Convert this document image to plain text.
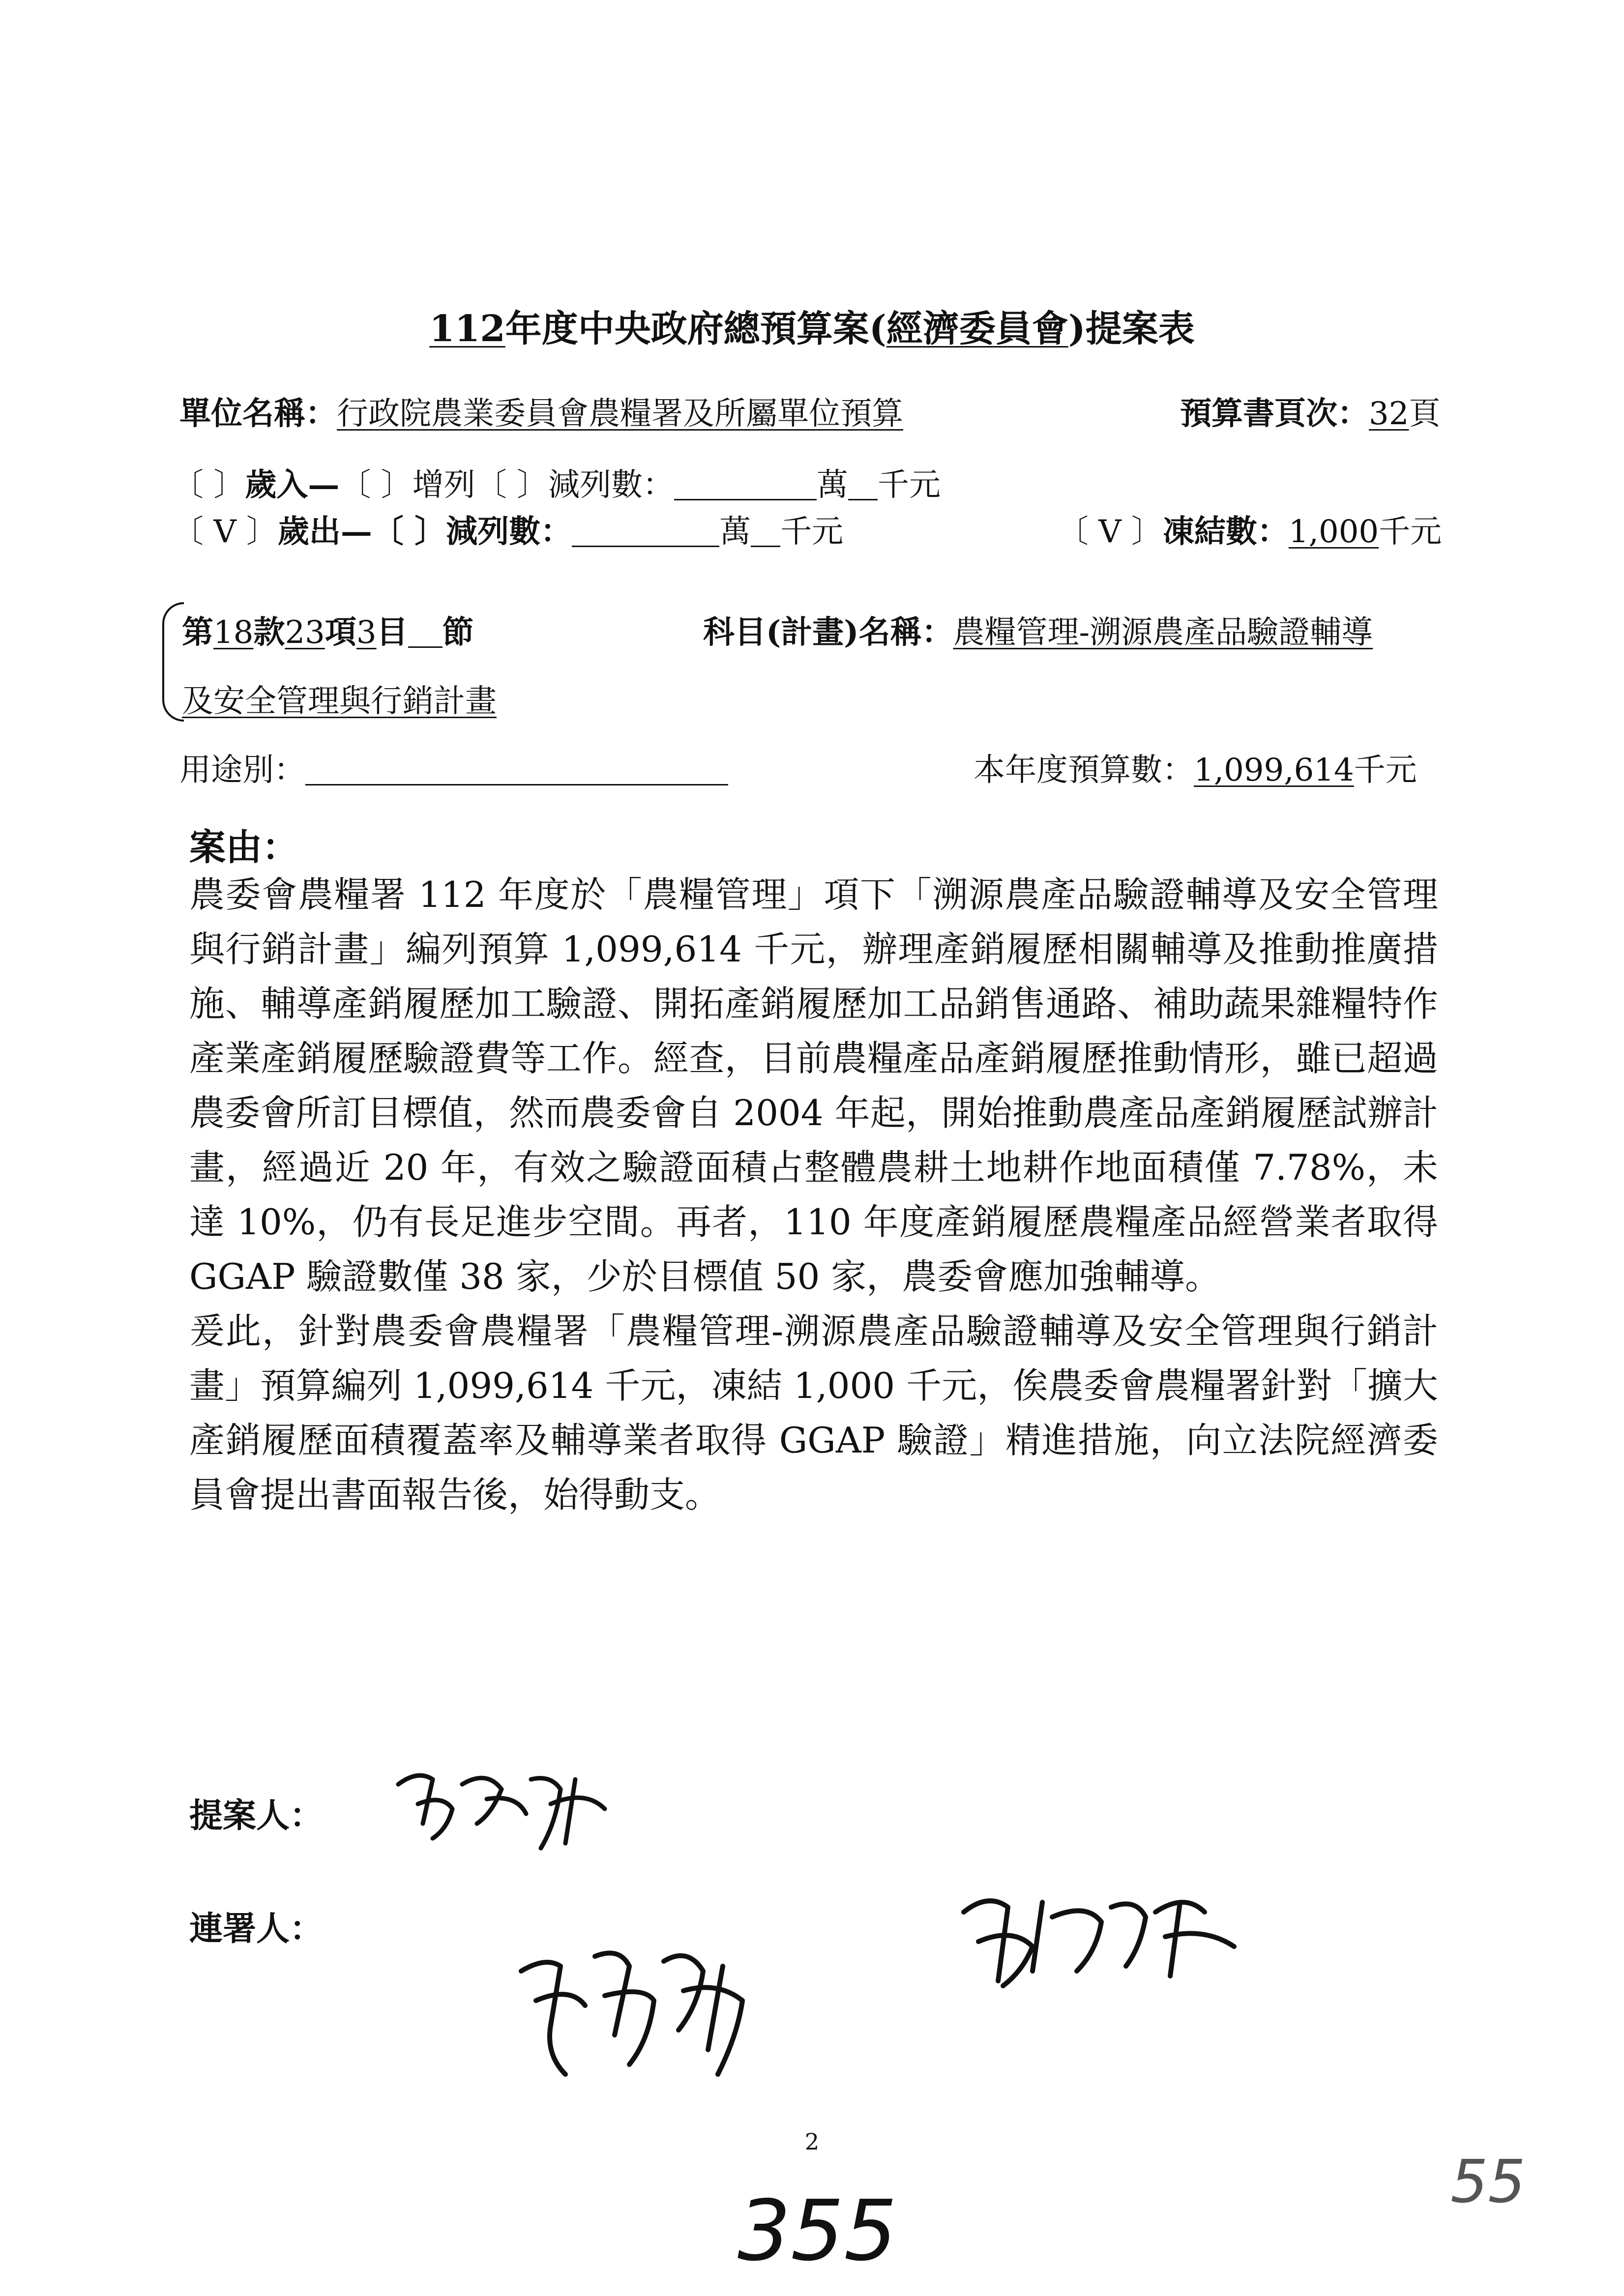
112年度中央政府總預算案(經濟委員會)提案表
單位名稱：行政院農業委員會農糧署及所屬單位預算	預算書頁次：32頁
〔 〕歲入—〔 〕增列〔 〕減列數：	萬 千元
〔 V 〕歲出—〔 〕減列數：	萬 千元	〔 V 〕凍結數：1,000千元
第18款23項3目 節	科目(計畫)名稱：農糧管理-溯源農產品驗證輔導
及安全管理與行銷計畫
用途別：	本年度預算數：1,099,614千元
案由：

農委會農糧署 112 年度於「農糧管理」項下「溯源農產品驗證輔導及安全管理與行銷計畫」編列預算 1,099,614 千元，辦理產銷履歷相關輔導及推動推廣措施、輔導產銷履歷加工驗證、開拓產銷履歷加工品銷售通路、補助蔬果雜糧特作產業產銷履歷驗證費等工作。經查，目前農糧產品產銷履歷推動情形，雖已超過農委會所訂目標值，然而農委會自 2004 年起，開始推動農產品產銷履歷試辦計畫，經過近 20 年，有效之驗證面積占整體農耕土地耕作地面積僅 7.78%，未達 10%，仍有長足進步空間。再者，110 年度產銷履歷農糧產品經營業者取得 GGAP 驗證數僅 38 家，少於目標值 50 家，農委會應加強輔導。

爰此，針對農委會農糧署「農糧管理-溯源農產品驗證輔導及安全管理與行銷計畫」預算編列 1,099,614 千元，凍結 1,000 千元，俟農委會農糧署針對「擴大產銷履歷面積覆蓋率及輔導業者取得 GGAP 驗證」精進措施，向立法院經濟委員會提出書面報告後，始得動支。

提案人：
連署人：
2
355
55
